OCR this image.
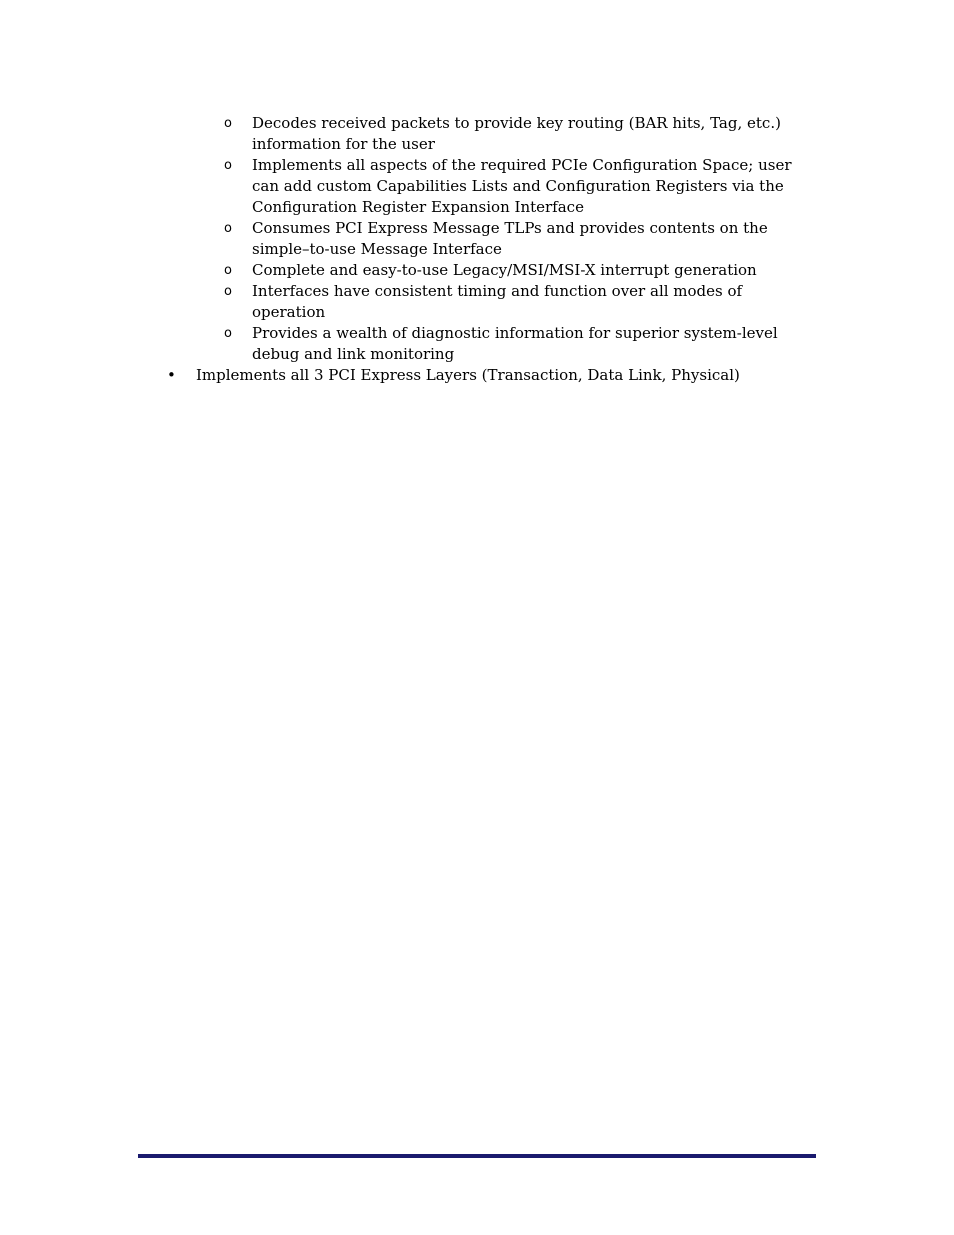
o Decodes received packets to provide key routing (BAR hits, Tag, etc.) information for the user
o Implements all aspects of the required PCIe Configuration Space; user can add custom Capabilities Lists and Configuration Registers via the Configuration Register Expansion Interface
o Consumes PCI Express Message TLPs and provides contents on the simple–to-use Message Interface
o Complete and easy-to-use Legacy/MSI/MSI-X interrupt generation
o Interfaces have consistent timing and function over all modes of operation
o Provides a wealth of diagnostic information for superior system-level debug and link monitoring
• Implements all 3 PCI Express Layers (Transaction, Data Link, Physical)
